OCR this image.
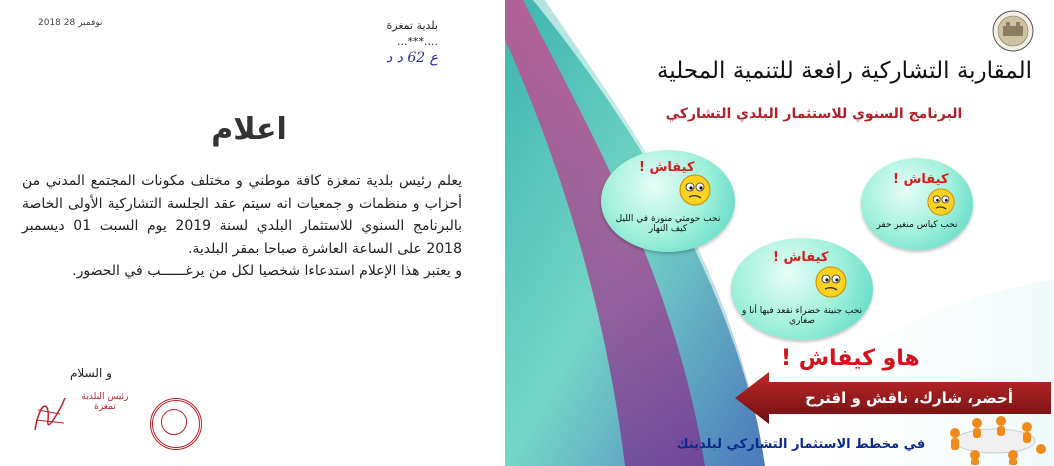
2018 نوفمبر 28	بلدية تمغزة
....***...
ع 62 د د
اعلام

يعلم رئيس بلدية تمغزة كافة موطني و مختلف مكونات المجتمع المدني من أحزاب و منظمات و جمعيات انه سيتم عقد الجلسة التشاركية الأولى الخاصة بالبرنامج السنوي للاستثمار البلدي لسنة 2019 يوم السبت 01 ديسمبر 2018 على الساعة العاشرة صباحا بمقر البلدية.

و يعتبر هذا الإعلام استدعاءا شخصيا لكل من يرغــــــب في الحضور.

و السلام
رئيس البلدية
تمغزة
المقاربة التشاركية رافعة للتنمية المحلية
البرنامج السنوي للاستثمار البلدي التشاركي
كيفاش !
نحب حومتي منورة في الليل كيف النهار
كيفاش !
نحب كياس منغير حفر
كيفاش !
نحب جنينة خضراء نقعد فيها أنا و صغاري
هاو كيفاش !
أحضر، شارك، ناقش و اقترح
في مخطط الاستثمار التشاركي لبلديتك
